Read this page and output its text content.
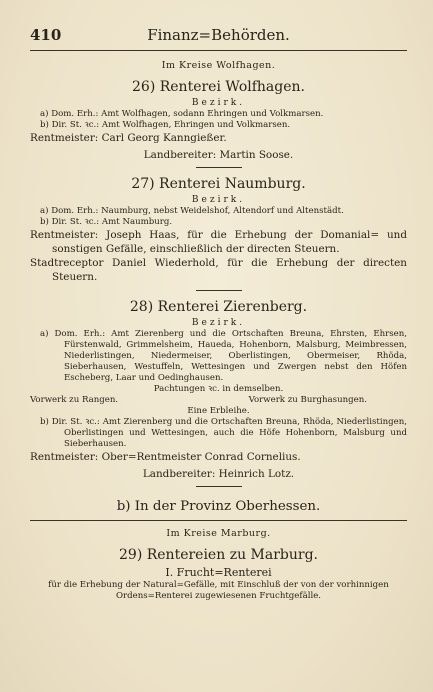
410	Finanz=Behörden.
Im Kreise Wolfhagen.
26) Renterei Wolfhagen.
Bezirk.
a) Dom. Erh.: Amt Wolfhagen, sodann Ehringen und Volkmarsen.
b) Dir. St. ꝛc.: Amt Wolfhagen, Ehringen und Volkmarsen.
Rentmeister: Carl Georg Kanngießer.
Landbereiter: Martin Soose.
27) Renterei Naumburg.
Bezirk.
a) Dom. Erh.: Naumburg, nebst Weidelshof, Altendorf und Altenstädt.
b) Dir. St. ꝛc.: Amt Naumburg.
Rentmeister: Joseph Haas, für die Erhebung der Domanial= und sonstigen Gefälle, einschließlich der directen Steuern.
Stadtreceptor Daniel Wiederhold, für die Erhebung der directen Steuern.
28) Renterei Zierenberg.
Bezirk.
a) Dom. Erh.: Amt Zierenberg und die Ortschaften Breuna, Ehrsten, Ehrsen, Fürstenwald, Grimmelsheim, Haueda, Hohenborn, Malsburg, Meimbressen, Niederlistingen, Niedermeiser, Oberlistingen, Obermeiser, Rhöda, Sieberhausen, Westuffeln, Wettesingen und Zwergen nebst den Höfen Escheberg, Laar und Oedinghausen.
Pachtungen ꝛc. in demselben.
Vorwerk zu Rangen.	Vorwerk zu Burghasungen.
Eine Erbleihe.
b) Dir. St. ꝛc.: Amt Zierenberg und die Ortschaften Breuna, Rhöda, Niederlistingen, Oberlistingen und Wettesingen, auch die Höfe Hohenborn, Malsburg und Sieberhausen.
Rentmeister: Ober=Rentmeister Conrad Cornelius.
Landbereiter: Heinrich Lotz.
b) In der Provinz Oberhessen.
Im Kreise Marburg.
29) Rentereien zu Marburg.
I. Frucht=Renterei
für die Erhebung der Natural=Gefälle, mit Einschluß der von der vorhinnigen Ordens=Renterei zugewiesenen Fruchtgefälle.
